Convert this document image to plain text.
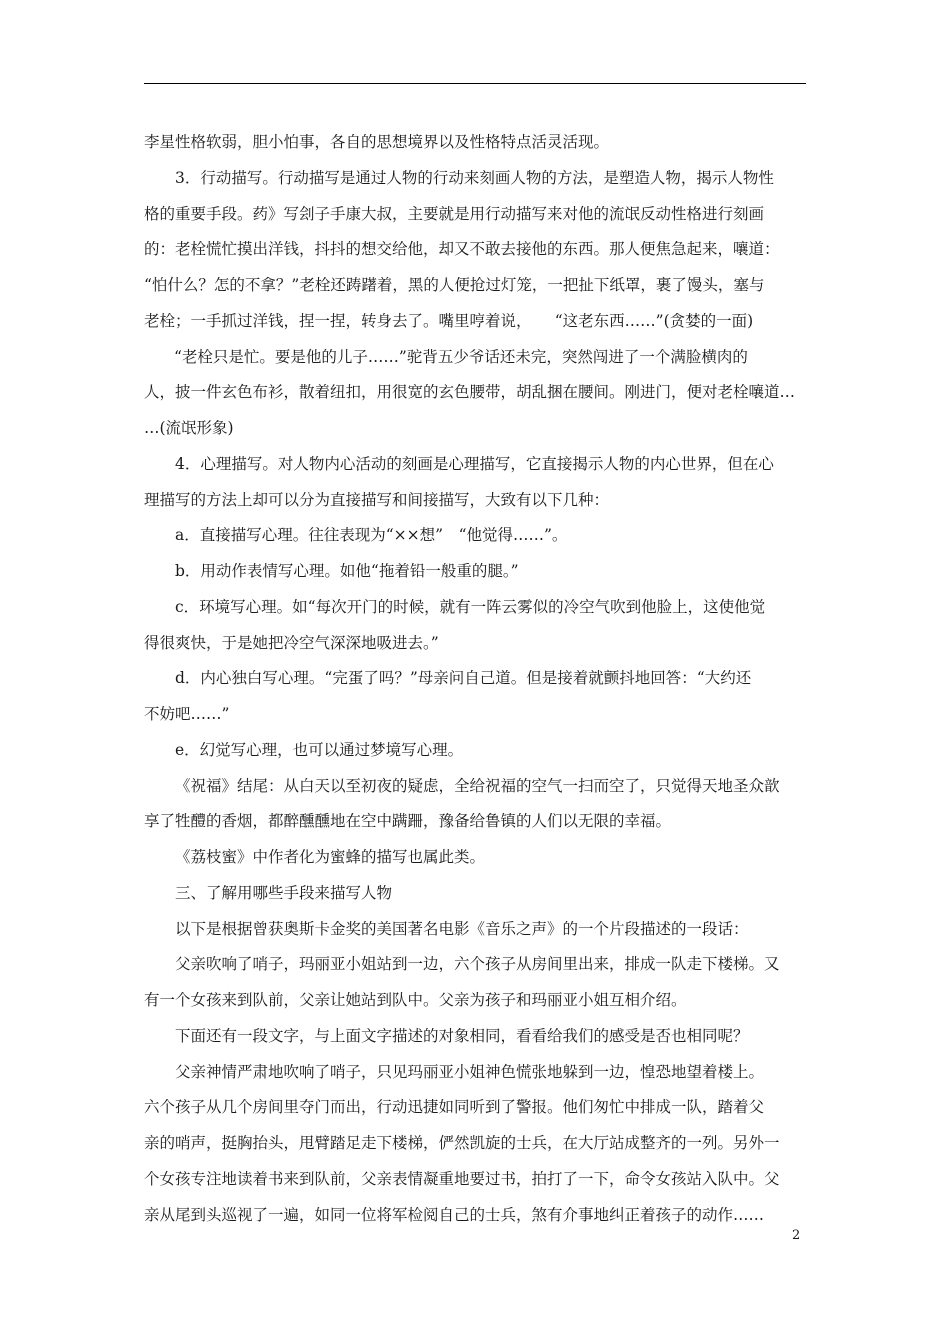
李星性格软弱，胆小怕事，各自的思想境界以及性格特点活灵活现。
3．行动描写。行动描写是通过人物的行动来刻画人物的方法，是塑造人物，揭示人物性
格的重要手段。药》写刽子手康大叔，主要就是用行动描写来对他的流氓反动性格进行刻画
的：老栓慌忙摸出洋钱，抖抖的想交给他，却又不敢去接他的东西。那人便焦急起来，嚷道：
“怕什么？怎的不拿？”老栓还踌躇着，黑的人便抢过灯笼，一把扯下纸罩，裹了馒头，塞与
老栓；一手抓过洋钱，捏一捏，转身去了。嘴里哼着说，　　“这老东西……”(贪婪的一面)
“老栓只是忙。要是他的儿子……”驼背五少爷话还未完，突然闯进了一个满脸横肉的
人，披一件玄色布衫，散着纽扣，用很宽的玄色腰带，胡乱捆在腰间。刚进门，便对老栓嚷道…
…(流氓形象)
4．心理描写。对人物内心活动的刻画是心理描写，它直接揭示人物的内心世界，但在心
理描写的方法上却可以分为直接描写和间接描写，大致有以下几种：
a．直接描写心理。往往表现为“××想”　“他觉得……”。
b．用动作表情写心理。如他“拖着铅一般重的腿。”
c．环境写心理。如“每次开门的时候，就有一阵云雾似的冷空气吹到他脸上，这使他觉
得很爽快，于是她把冷空气深深地吸进去。”
d．内心独白写心理。“完蛋了吗？”母亲问自己道。但是接着就颤抖地回答：“大约还
不妨吧……”
e．幻觉写心理，也可以通过梦境写心理。
《祝福》结尾：从白天以至初夜的疑虑，全给祝福的空气一扫而空了，只觉得天地圣众歆
享了牲醴的香烟，都醉醺醺地在空中蹒跚，豫备给鲁镇的人们以无限的幸福。
《荔枝蜜》中作者化为蜜蜂的描写也属此类。
三、了解用哪些手段来描写人物
以下是根据曾获奥斯卡金奖的美国著名电影《音乐之声》的一个片段描述的一段话：
父亲吹响了哨子，玛丽亚小姐站到一边，六个孩子从房间里出来，排成一队走下楼梯。又
有一个女孩来到队前，父亲让她站到队中。父亲为孩子和玛丽亚小姐互相介绍。
下面还有一段文字，与上面文字描述的对象相同，看看给我们的感受是否也相同呢？
父亲神情严肃地吹响了哨子，只见玛丽亚小姐神色慌张地躲到一边，惶恐地望着楼上。
六个孩子从几个房间里夺门而出，行动迅捷如同听到了警报。他们匆忙中排成一队，踏着父
亲的哨声，挺胸抬头，甩臂踏足走下楼梯，俨然凯旋的士兵，在大厅站成整齐的一列。另外一
个女孩专注地读着书来到队前，父亲表情凝重地要过书，拍打了一下，命令女孩站入队中。父
亲从尾到头巡视了一遍，如同一位将军检阅自己的士兵，煞有介事地纠正着孩子的动作……
2
